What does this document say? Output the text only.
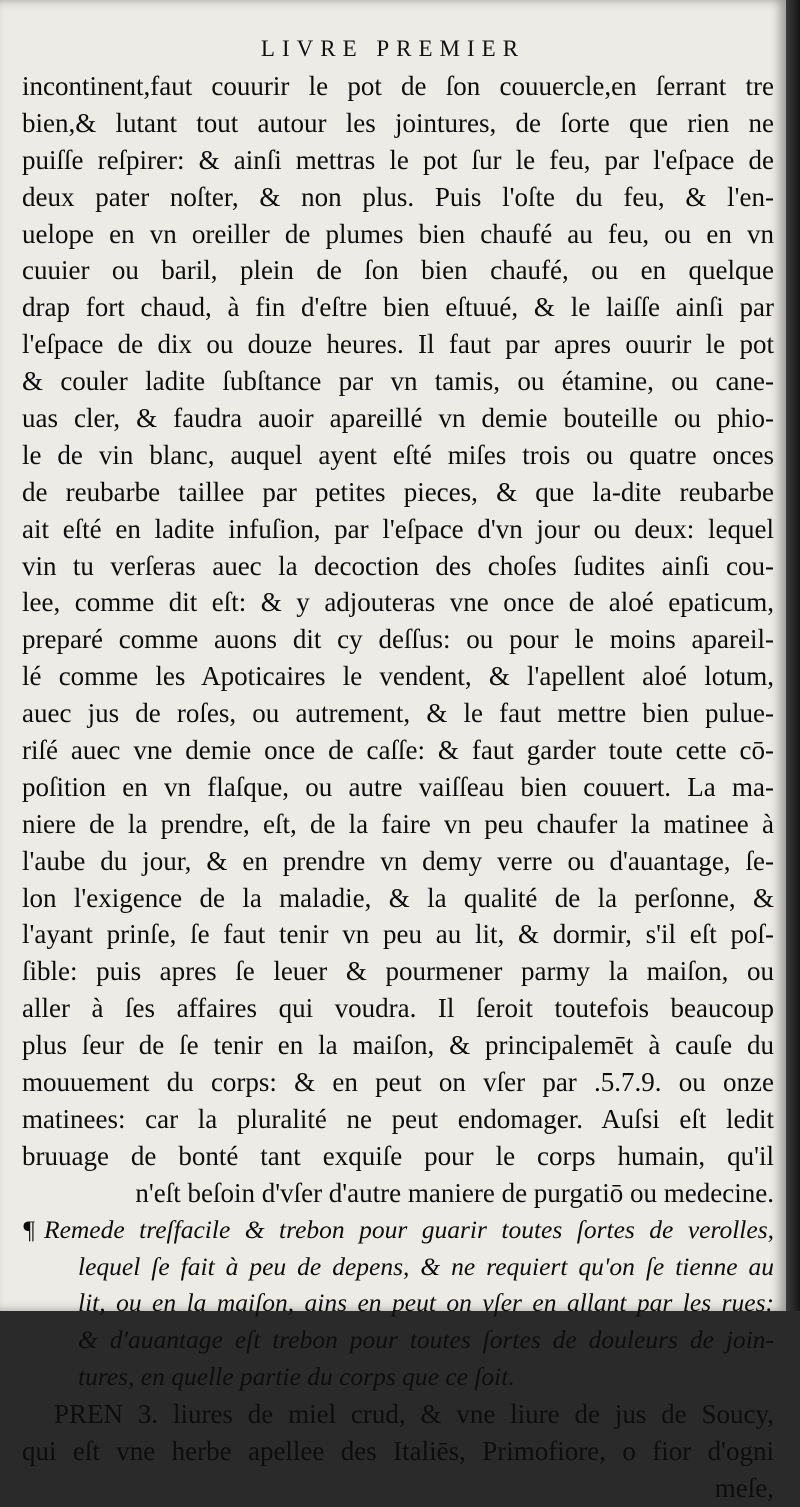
LIVRE PREMIER
incontinent,faut couurir le pot de ſon couuercle,en ſerrant tre
bien,& lutant tout autour les jointures, de ſorte que rien ne
puiſſe reſpirer: & ainſi mettras le pot ſur le feu, par l'eſpace de
deux pater noſter, & non plus. Puis l'oſte du feu, & l'en-
uelope en vn oreiller de plumes bien chaufé au feu, ou en vn
cuuier ou baril, plein de ſon bien chaufé, ou en quelque
drap fort chaud, à fin d'eſtre bien eſtuué, & le laiſſe ainſi par
l'eſpace de dix ou douze heures. Il faut par apres ouurir le pot
& couler ladite ſubſtance par vn tamis, ou étamine, ou cane-
uas cler, & faudra auoir apareillé vn demie bouteille ou phio-
le de vin blanc, auquel ayent eſté miſes trois ou quatre onces
de reubarbe taillee par petites pieces, & que la-dite reubarbe
ait eſté en ladite infuſion, par l'eſpace d'vn jour ou deux: lequel
vin tu verſeras auec la decoction des choſes ſudites ainſi cou-
lee, comme dit eſt: & y adjouteras vne once de aloé epaticum,
preparé comme auons dit cy deſſus: ou pour le moins apareil-
lé comme les Apoticaires le vendent, & l'apellent aloé lotum,
auec jus de roſes, ou autrement, & le faut mettre bien pulue-
riſé auec vne demie once de caſſe: & faut garder toute cette cō-
poſition en vn flaſque, ou autre vaiſſeau bien couuert. La ma-
niere de la prendre, eſt, de la faire vn peu chaufer la matinee à
l'aube du jour, & en prendre vn demy verre ou d'auantage, ſe-
lon l'exigence de la maladie, & la qualité de la perſonne, &
l'ayant prinſe, ſe faut tenir vn peu au lit, & dormir, s'il eſt poſ-
ſible: puis apres ſe leuer & pourmener parmy la maiſon, ou
aller à ſes affaires qui voudra. Il ſeroit toutefois beaucoup
plus ſeur de ſe tenir en la maiſon, & principalemēt à cauſe du
mouuement du corps: & en peut on vſer par .5.7.9. ou onze
matinees: car la pluralité ne peut endomager. Auſsi eſt ledit
bruuage de bonté tant exquiſe pour le corps humain, qu'il
n'eſt beſoin d'vſer d'autre maniere de purgatiō ou medecine.
¶ Remede treſfacile & trebon pour guarir toutes ſortes de verolles,
lequel ſe fait à peu de depens, & ne requiert qu'on ſe tienne au
lit, ou en la maiſon, ains en peut on vſer en allant par les rues:
& d'auantage eſt trebon pour toutes ſortes de douleurs de join-
tures, en quelle partie du corps que ce ſoit.
PREN 3. liures de miel crud, & vne liure de jus de Soucy,
qui eſt vne herbe apellee des Italiēs, Primofiore, o fior d'ogni
meſe,
